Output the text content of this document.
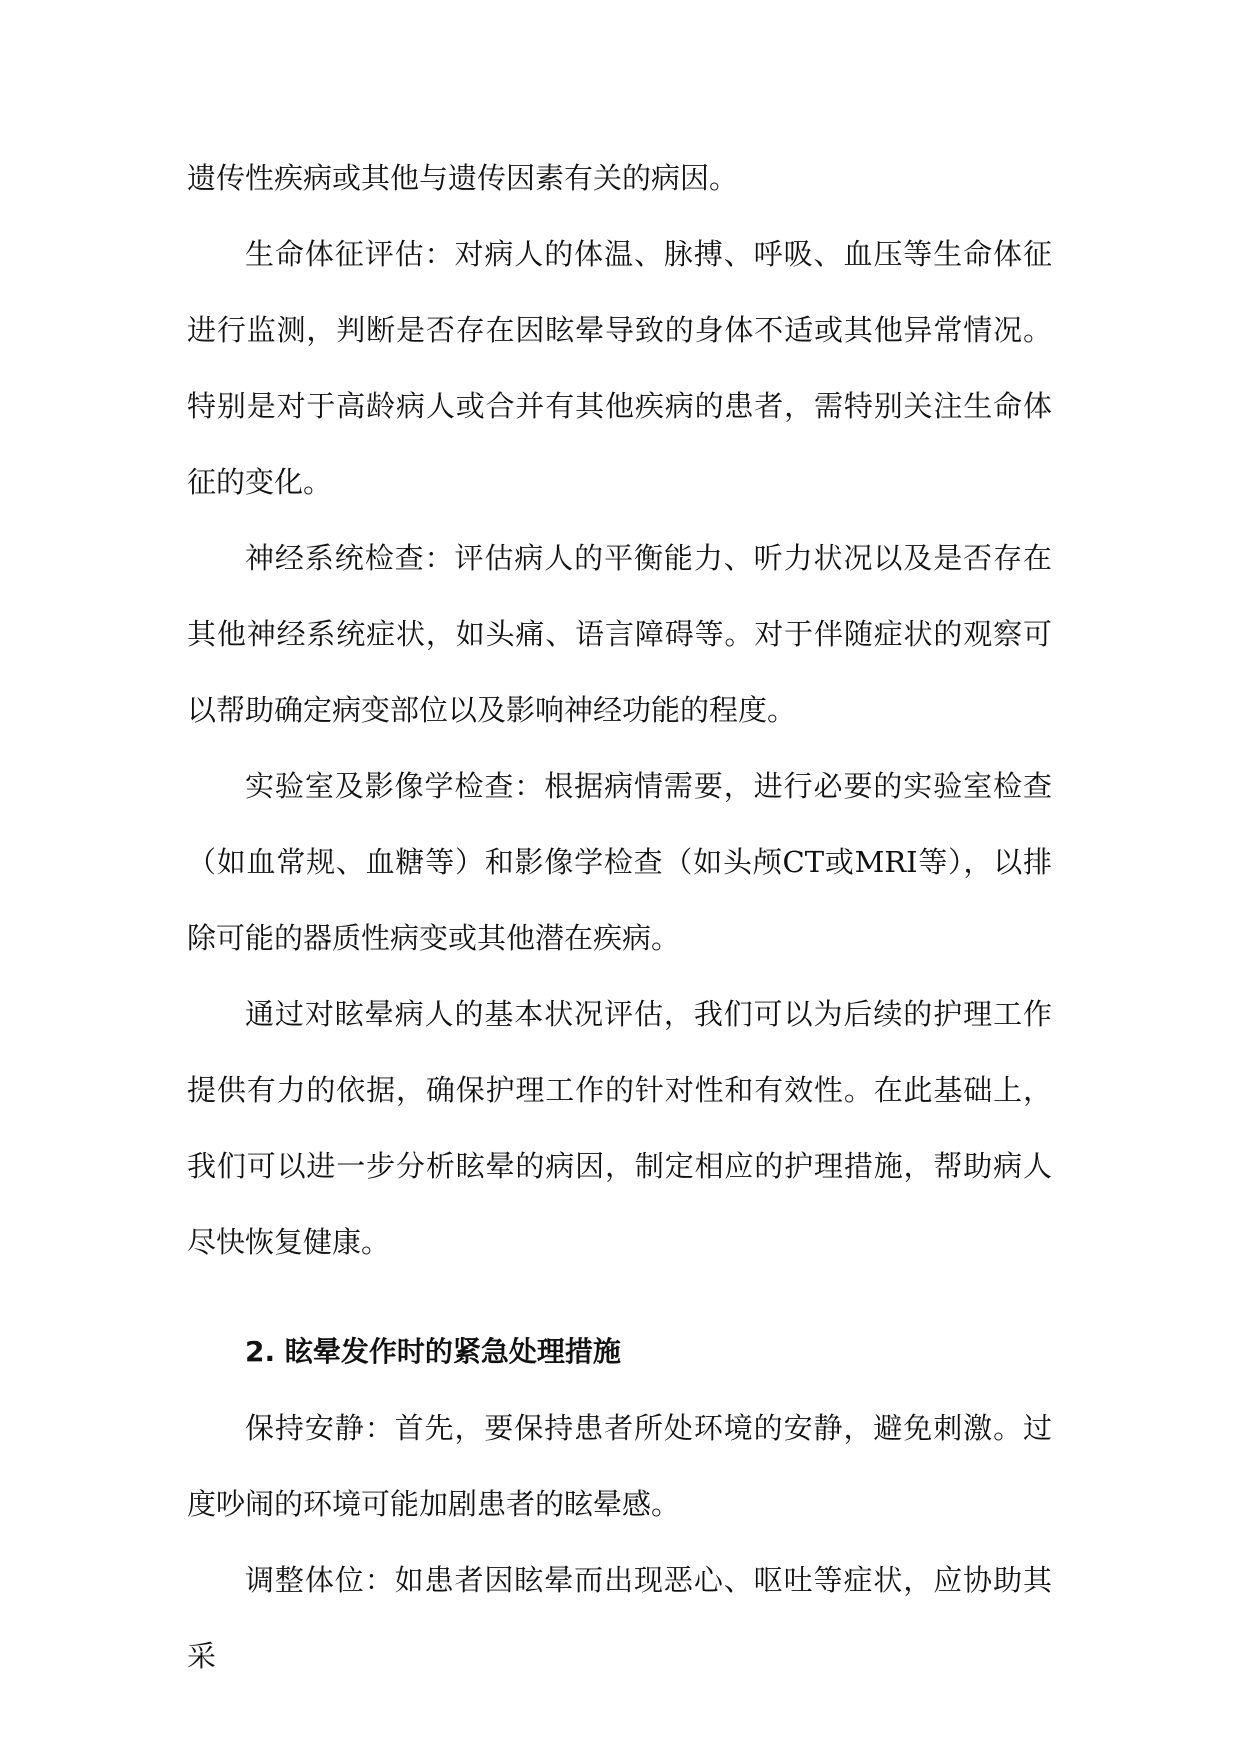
遗传性疾病或其他与遗传因素有关的病因。

生命体征评估：对病人的体温、脉搏、呼吸、血压等生命体征进行监测，判断是否存在因眩晕导致的身体不适或其他异常情况。特别是对于高龄病人或合并有其他疾病的患者，需特别关注生命体征的变化。

神经系统检查：评估病人的平衡能力、听力状况以及是否存在其他神经系统症状，如头痛、语言障碍等。对于伴随症状的观察可以帮助确定病变部位以及影响神经功能的程度。

实验室及影像学检查：根据病情需要，进行必要的实验室检查（如血常规、血糖等）和影像学检查（如头颅CT或MRI等），以排除可能的器质性病变或其他潜在疾病。

通过对眩晕病人的基本状况评估，我们可以为后续的护理工作提供有力的依据，确保护理工作的针对性和有效性。在此基础上，我们可以进一步分析眩晕的病因，制定相应的护理措施，帮助病人尽快恢复健康。

2. 眩晕发作时的紧急处理措施

保持安静：首先，要保持患者所处环境的安静，避免刺激。过度吵闹的环境可能加剧患者的眩晕感。

调整体位：如患者因眩晕而出现恶心、呕吐等症状，应协助其采
